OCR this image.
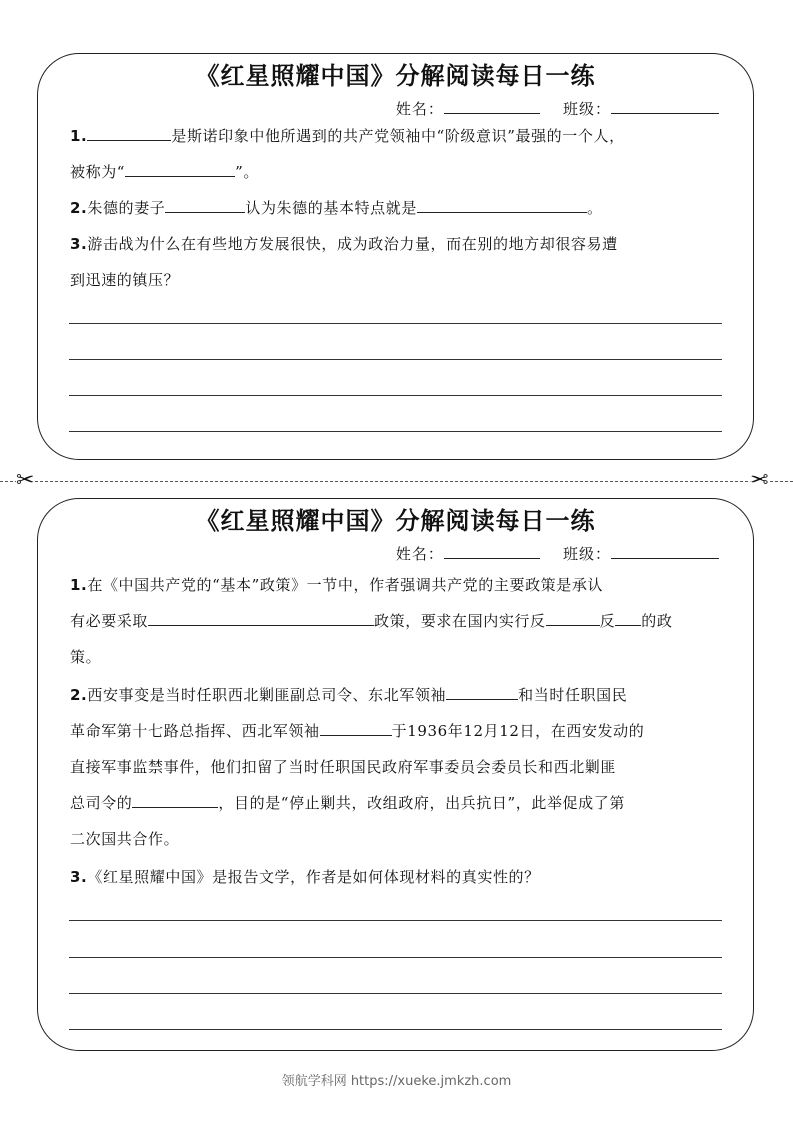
《红星照耀中国》分解阅读每日一练
姓名：	班级：
1.	是斯诺印象中他所遇到的共产党领袖中“阶级意识”最强的一个人，
被称为“	”。
2.朱德的妻子	认为朱德的基本特点就是	。
3.游击战为什么在有些地方发展很快，成为政治力量，而在别的地方却很容易遭
到迅速的镇压？
✂	✂
《红星照耀中国》分解阅读每日一练
姓名：	班级：
1.在《中国共产党的“基本”政策》一节中，作者强调共产党的主要政策是承认
有必要采取	政策，要求在国内实行反	反 的政
策。
2.西安事变是当时任职西北剿匪副总司令、东北军领袖	和当时任职国民
革命军第十七路总指挥、西北军领袖	于1936年12月12日，在西安发动的
直接军事监禁事件，他们扣留了当时任职国民政府军事委员会委员长和西北剿匪
总司令的	，目的是“停止剿共，改组政府，出兵抗日”，此举促成了第
二次国共合作。
3.《红星照耀中国》是报告文学，作者是如何体现材料的真实性的？
领航学科网 https://xueke.jmkzh.com
